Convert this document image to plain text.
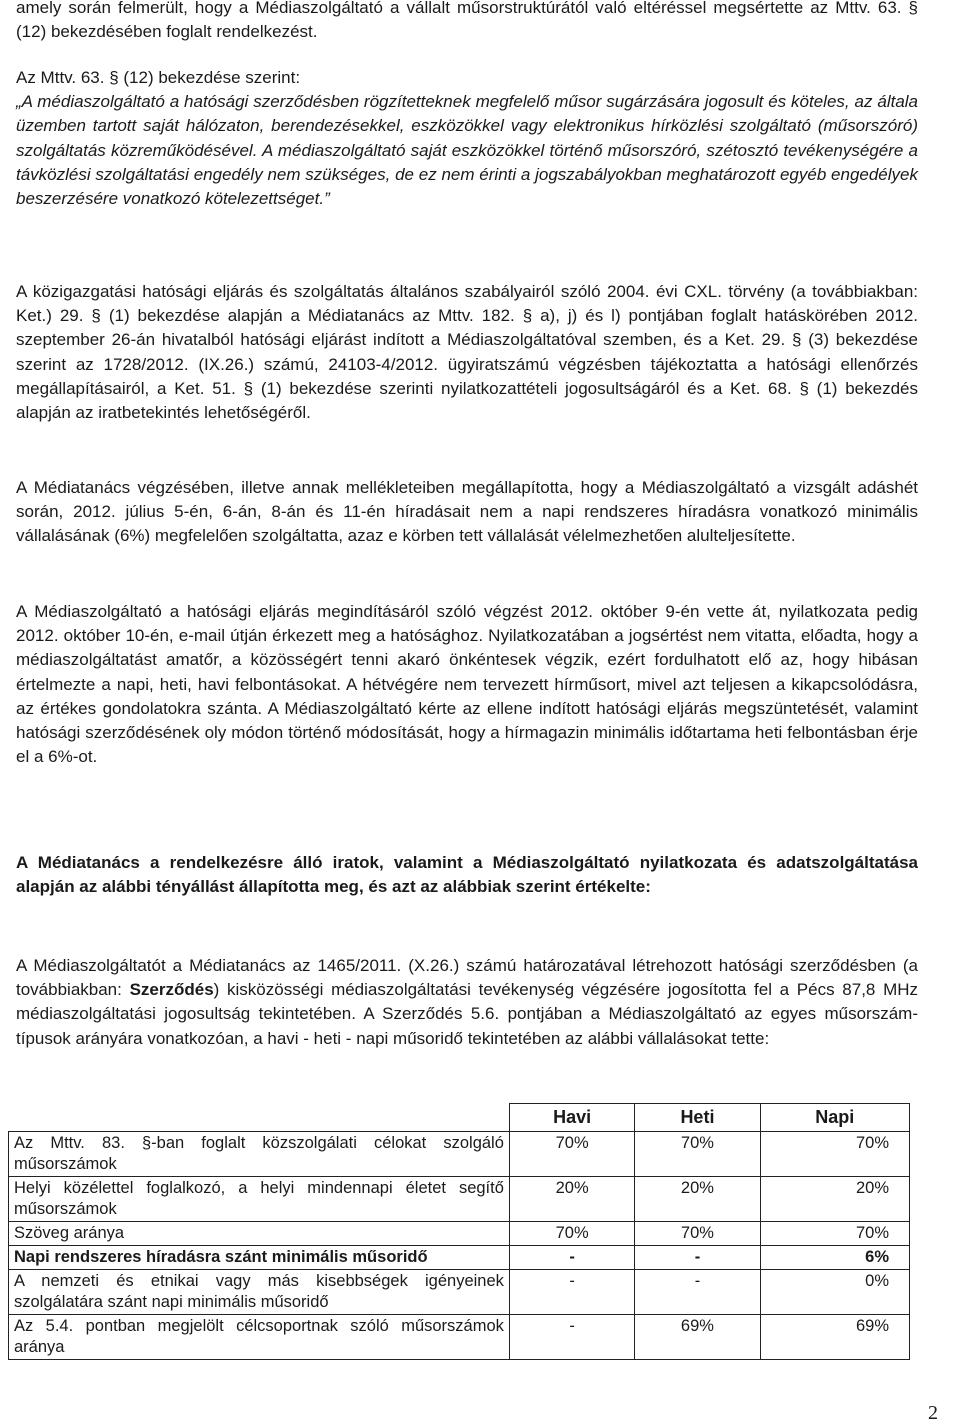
amely során felmerült, hogy a Médiaszolgáltató a vállalt műsorstruktúrától való eltéréssel megsértette az Mttv. 63. § (12) bekezdésében foglalt rendelkezést.

Az Mttv. 63. § (12) bekezdése szerint:

„A médiaszolgáltató a hatósági szerződésben rögzítetteknek megfelelő műsor sugárzására jogosult és köteles, az általa üzemben tartott saját hálózaton, berendezésekkel, eszközökkel vagy elektronikus hírközlési szolgáltató (műsorszóró) szolgáltatás közreműködésével. A médiaszolgáltató saját eszközökkel történő műsorszóró, szétosztó tevékenységére a távközlési szolgáltatási engedély nem szükséges, de ez nem érinti a jogszabályokban meghatározott egyéb engedélyek beszerzésére vonatkozó kötelezettséget.”

A közigazgatási hatósági eljárás és szolgáltatás általános szabályairól szóló 2004. évi CXL. törvény (a továbbiakban: Ket.) 29. § (1) bekezdése alapján a Médiatanács az Mttv. 182. § a), j) és l) pontjában foglalt hatáskörében 2012. szeptember 26-án hivatalból hatósági eljárást indított a Médiaszolgáltatóval szemben, és a Ket. 29. § (3) bekezdése szerint az 1728/2012. (IX.26.) számú, 24103-4/2012. ügyiratszámú végzésben tájékoztatta a hatósági ellenőrzés megállapításairól, a Ket. 51. § (1) bekezdése szerinti nyilatkozattételi jogosultságáról és a Ket. 68. § (1) bekezdés alapján az iratbetekintés lehetőségéről.

A Médiatanács végzésében, illetve annak mellékleteiben megállapította, hogy a Médiaszolgáltató a vizsgált adáshét során, 2012. július 5-én, 6-án, 8-án és 11-én híradásait nem a napi rendszeres híradásra vonatkozó minimális vállalásának (6%) megfelelően szolgáltatta, azaz e körben tett vállalását vélelmezhetően alulteljesítette.

A Médiaszolgáltató a hatósági eljárás megindításáról szóló végzést 2012. október 9-én vette át, nyilatkozata pedig 2012. október 10-én, e-mail útján érkezett meg a hatósághoz. Nyilatkozatában a jogsértést nem vitatta, előadta, hogy a médiaszolgáltatást amatőr, a közösségért tenni akaró önkéntesek végzik, ezért fordulhatott elő az, hogy hibásan értelmezte a napi, heti, havi felbontásokat. A hétvégére nem tervezett hírműsort, mivel azt teljesen a kikapcsolódásra, az értékes gondolatokra szánta. A Médiaszolgáltató kérte az ellene indított hatósági eljárás megszüntetését, valamint hatósági szerződésének oly módon történő módosítását, hogy a hírmagazin minimális időtartama heti felbontásban érje el a 6%-ot.

A Médiatanács a rendelkezésre álló iratok, valamint a Médiaszolgáltató nyilatkozata és adatszolgáltatása alapján az alábbi tényállást állapította meg, és azt az alábbiak szerint értékelte:

A Médiaszolgáltatót a Médiatanács az 1465/2011. (X.26.) számú határozatával létrehozott hatósági szerződésben (a továbbiakban: Szerződés) kisközösségi médiaszolgáltatási tevékenység végzésére jogosította fel a Pécs 87,8 MHz médiaszolgáltatási jogosultság tekintetében. A Szerződés 5.6. pontjában a Médiaszolgáltató az egyes műsorszám-típusok arányára vonatkozóan, a havi - heti - napi műsoridő tekintetében az alábbi vállalásokat tette:

	Havi	Heti	Napi
Az Mttv. 83. §-ban foglalt közszolgálati célokat szolgáló műsorszámok	70%	70%	70%
Helyi közélettel foglalkozó, a helyi mindennapi életet segítő műsorszámok	20%	20%	20%
Szöveg aránya	70%	70%	70%
Napi rendszeres híradásra szánt minimális műsoridő	-	-	6%
A nemzeti és etnikai vagy más kisebbségek igényeinek szolgálatára szánt napi minimális műsoridő	-	-	0%
Az 5.4. pontban megjelölt célcsoportnak szóló műsorszámok aránya	-	69%	69%
2
